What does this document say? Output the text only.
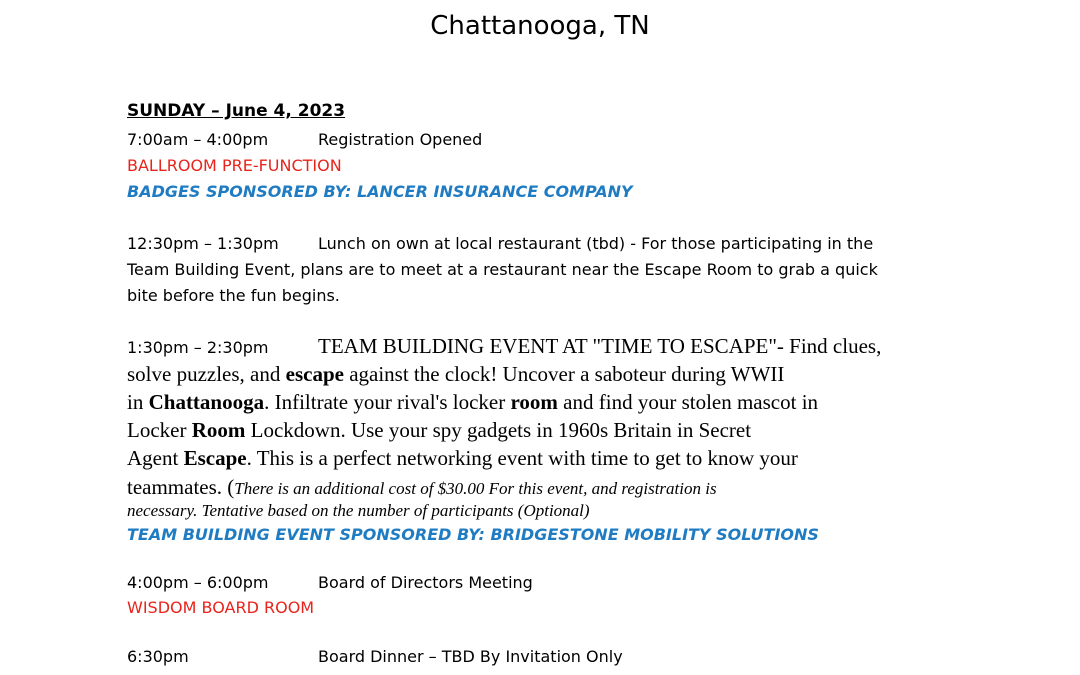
Chattanooga, TN
SUNDAY – June 4, 2023
7:00am – 4:00pm	Registration Opened
BALLROOM PRE-FUNCTION
BADGES SPONSORED BY: LANCER INSURANCE COMPANY
12:30pm – 1:30pm Lunch on own at local restaurant (tbd) - For those participating in the
Team Building Event, plans are to meet at a restaurant near the Escape Room to grab a quick
bite before the fun begins.
1:30pm – 2:30pm TEAM BUILDING EVENT AT "TIME TO ESCAPE"- Find clues,
solve puzzles, and escape against the clock! Uncover a saboteur during WWII
in Chattanooga. Infiltrate your rival's locker room and find your stolen mascot in
Locker Room Lockdown. Use your spy gadgets in 1960s Britain in Secret
Agent Escape. This is a perfect networking event with time to get to know your
teammates. (There is an additional cost of $30.00 For this event, and registration is
necessary. Tentative based on the number of participants (Optional)
TEAM BUILDING EVENT SPONSORED BY: BRIDGESTONE MOBILITY SOLUTIONS
4:00pm – 6:00pm	Board of Directors Meeting
WISDOM BOARD ROOM
6:30pm	Board Dinner – TBD By Invitation Only
